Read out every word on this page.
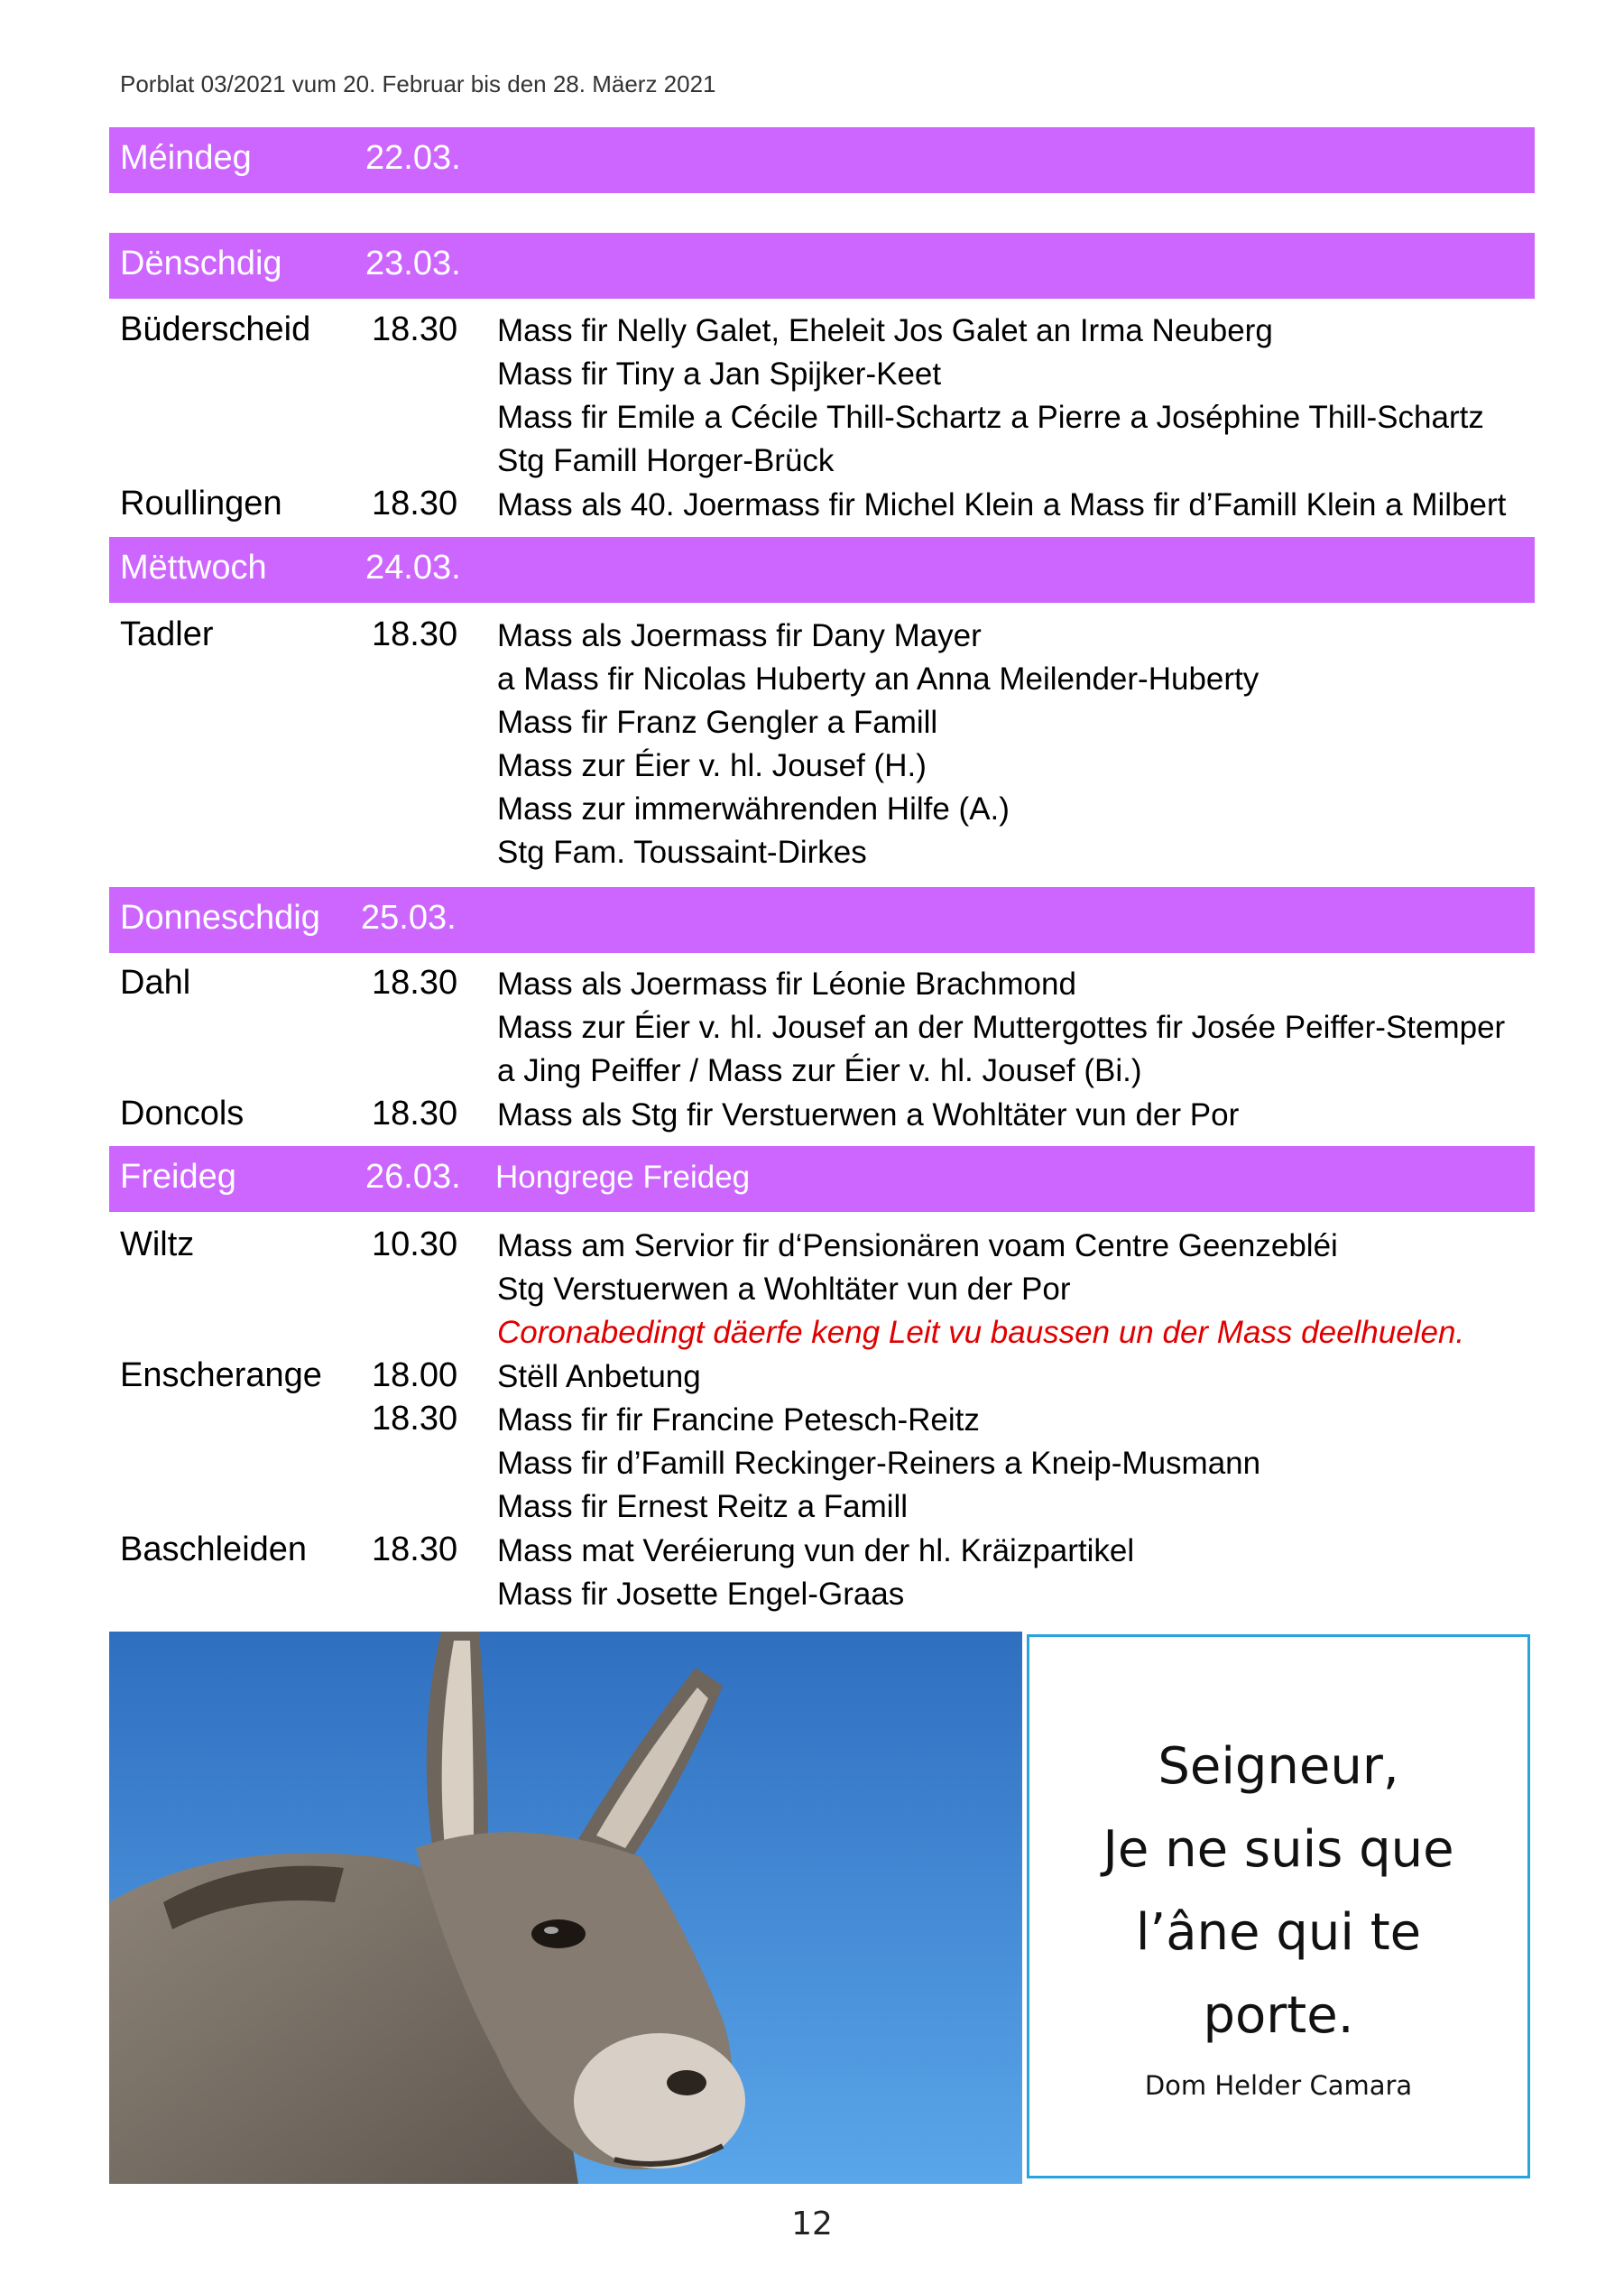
Porblat 03/2021 vum 20. Februar bis den 28. Mäerz 2021
Méindeg	22.03.
Dënschdig 23.03.
Büderscheid 18.30 Mass fir Nelly Galet, Eheleit Jos Galet an Irma Neuberg
Mass fir Tiny a Jan Spijker-Keet
Mass fir Emile a Cécile Thill-Schartz a Pierre a Joséphine Thill-Schartz
Stg Famill Horger-Brück
Roullingen	18.30 Mass als 40. Joermass fir Michel Klein a Mass fir d’Famill Klein a Milbert
Mëttwoch	24.03.
Tadler	18.30 Mass als Joermass fir Dany Mayer
a Mass fir Nicolas Huberty an Anna Meilender-Huberty
Mass fir Franz Gengler a Famill
Mass zur Éier v. hl. Jousef (H.)
Mass zur immerwährenden Hilfe (A.)
Stg Fam. Toussaint-Dirkes
Donneschdig 25.03.
Dahl	18.30 Mass als Joermass fir Léonie Brachmond
Mass zur Éier v. hl. Jousef an der Muttergottes fir Josée Peiffer-Stemper
a Jing Peiffer / Mass zur Éier v. hl. Jousef (Bi.)
Doncols	18.30 Mass als Stg fir Verstuerwen a Wohltäter vun der Por
Freideg	26.03. Hongrege Freideg
Wiltz	10.30 Mass am Servior fir d‘Pensionären voam Centre Geenzebléi
Stg Verstuerwen a Wohltäter vun der Por
Coronabedingt däerfe keng Leit vu baussen un der Mass deelhuelen.
Enscherange 18.00 Stëll Anbetung
18.30 Mass fir fir Francine Petesch-Reitz
Mass fir d’Famill Reckinger-Reiners a Kneip-Musmann
Mass fir Ernest Reitz a Famill
Baschleiden 18.30 Mass mat Veréierung vun der hl. Kräizpartikel
Mass fir Josette Engel-Graas
Seigneur,
Je ne suis que
l’âne qui te
porte.
Dom Helder Camara
12
